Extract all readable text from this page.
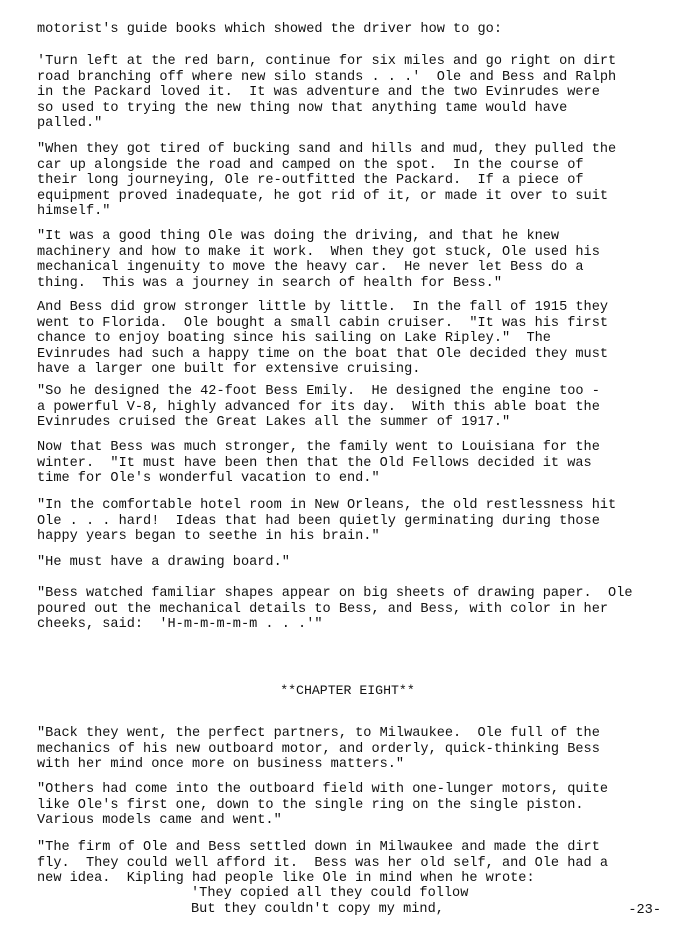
motorist's guide books which showed the driver how to go:

'Turn left at the red barn, continue for six miles and go right on dirt
road branching off where new silo stands . . .'  Ole and Bess and Ralph
in the Packard loved it.  It was adventure and the two Evinrudes were
so used to trying the new thing now that anything tame would have
palled."

"When they got tired of bucking sand and hills and mud, they pulled the
car up alongside the road and camped on the spot.  In the course of
their long journeying, Ole re-outfitted the Packard.  If a piece of
equipment proved inadequate, he got rid of it, or made it over to suit
himself."

"It was a good thing Ole was doing the driving, and that he knew
machinery and how to make it work.  When they got stuck, Ole used his
mechanical ingenuity to move the heavy car.  He never let Bess do a
thing.  This was a journey in search of health for Bess."

And Bess did grow stronger little by little.  In the fall of 1915 they
went to Florida.  Ole bought a small cabin cruiser.  "It was his first
chance to enjoy boating since his sailing on Lake Ripley."  The
Evinrudes had such a happy time on the boat that Ole decided they must
have a larger one built for extensive cruising.

"So he designed the 42-foot Bess Emily.  He designed the engine too -
a powerful V-8, highly advanced for its day.  With this able boat the
Evinrudes cruised the Great Lakes all the summer of 1917."

Now that Bess was much stronger, the family went to Louisiana for the
winter.  "It must have been then that the Old Fellows decided it was
time for Ole's wonderful vacation to end."

"In the comfortable hotel room in New Orleans, the old restlessness hit
Ole . . . hard!  Ideas that had been quietly germinating during those
happy years began to seethe in his brain."

"He must have a drawing board."

"Bess watched familiar shapes appear on big sheets of drawing paper.  Ole
poured out the mechanical details to Bess, and Bess, with color in her
cheeks, said:  'H-m-m-m-m-m . . .'"

**CHAPTER EIGHT**

"Back they went, the perfect partners, to Milwaukee.  Ole full of the
mechanics of his new outboard motor, and orderly, quick-thinking Bess
with her mind once more on business matters."

"Others had come into the outboard field with one-lunger motors, quite
like Ole's first one, down to the single ring on the single piston.
Various models came and went."

"The firm of Ole and Bess settled down in Milwaukee and made the dirt
fly.  They could well afford it.  Bess was her old self, and Ole had a
new idea.  Kipling had people like Ole in mind when he wrote:

'They copied all they could follow
But they couldn't copy my mind,	-23-
